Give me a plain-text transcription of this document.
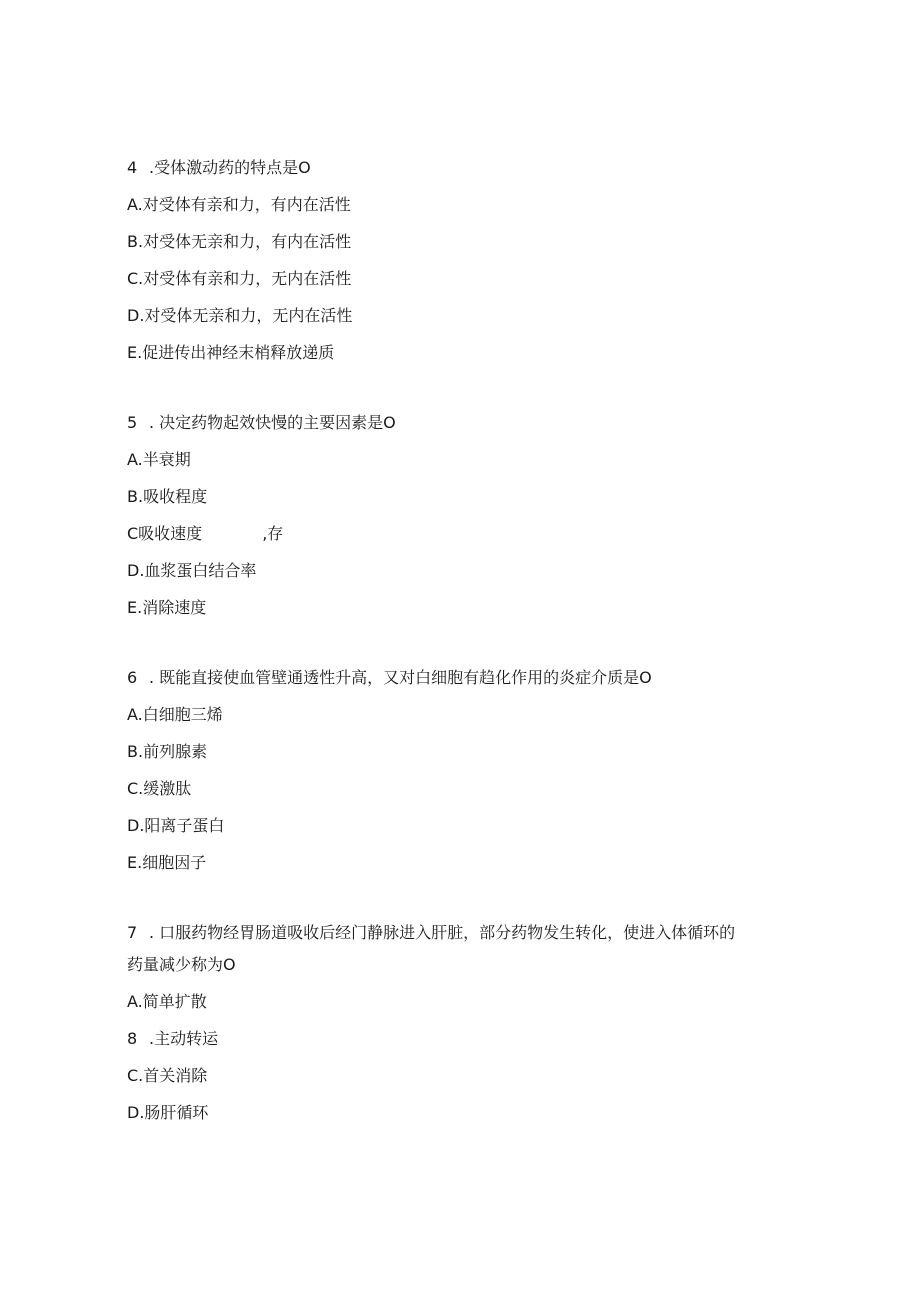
4 .受体激动药的特点是O
A.对受体有亲和力，有内在活性
B.对受体无亲和力，有内在活性
C.对受体有亲和力，无内在活性
D.对受体无亲和力，无内在活性
E.促进传出神经末梢释放递质
5 . 决定药物起效快慢的主要因素是O
A.半衰期
B.吸收程度
C吸收速度	,存
D.血浆蛋白结合率
E.消除速度
6 . 既能直接使血管壁通透性升高，又对白细胞有趋化作用的炎症介质是O
A.白细胞三烯
B.前列腺素
C.缓激肽
D.阳离子蛋白
E.细胞因子
7 . 口服药物经胃肠道吸收后经门静脉进入肝脏，部分药物发生转化，使进入体循环的
药量减少称为O
A.简单扩散
8 .主动转运
C.首关消除
D.肠肝循环
